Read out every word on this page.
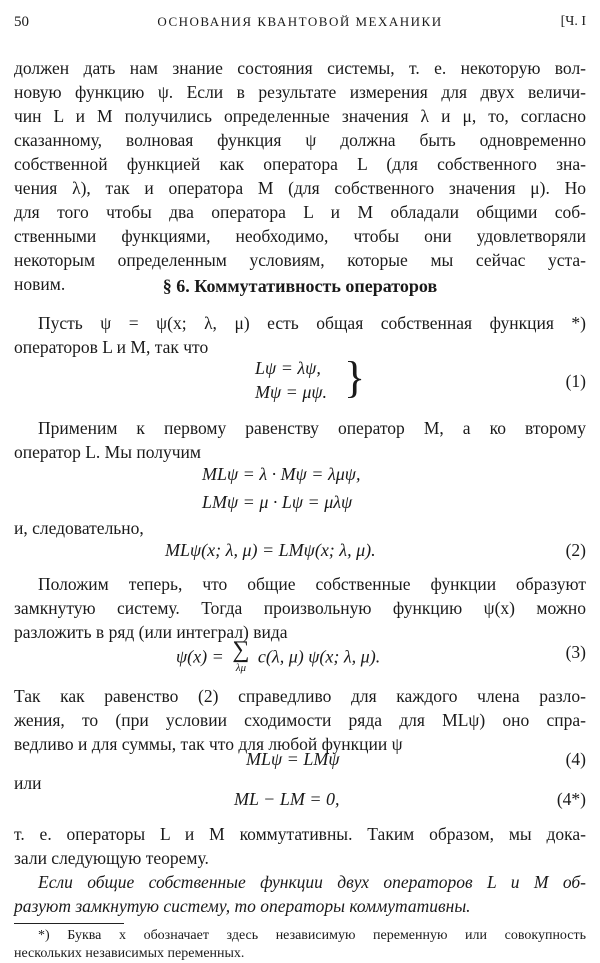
50	ОСНОВАНИЯ КВАНТОВОЙ МЕХАНИКИ	[Ч. I
должен дать нам знание состояния системы, т. е. некоторую вол-
новую функцию ψ. Если в результате измерения для двух величи-
чин L и M получились определенные значения λ и μ, то, согласно
сказанному, волновая функция ψ должна быть одновременно
собственной функцией как оператора L (для собственного зна-
чения λ), так и оператора M (для собственного значения μ). Но
для того чтобы два оператора L и M обладали общими соб-
ственными функциями, необходимо, чтобы они удовлетворяли
некоторым определенным условиям, которые мы сейчас уста-
новим.	§ 6. Коммутативность операторов
Пусть ψ = ψ(x; λ, μ) есть общая собственная функция *)
операторов L и M, так что
Lψ = λψ,
Mψ = μψ. }	(1)
Применим к первому равенству оператор M, а ко второму
оператор L. Мы получим
MLψ = λ · Mψ = λμψ,
LMψ = μ · Lψ = μλψ
и, следовательно,
MLψ(x; λ, μ) = LMψ(x; λ, μ).	(2)
Положим теперь, что общие собственные функции образуют
замкнутую систему. Тогда произвольную функцию ψ(x) можно
разложить в ряд (или интеграл) вида
ψ(x) = ∑
λμ
c(λ, μ) ψ(x; λ, μ).	(3)
Так как равенство (2) справедливо для каждого члена разло-
жения, то (при условии сходимости ряда для MLψ) оно спра-
ведливо и для суммы, так что для любой функции ψ
MLψ = LMψ	(4)
или
ML − LM = 0,	(4*)
т. е. операторы L и M коммутативны. Таким образом, мы дока-
зали следующую теорему.
Если общие собственные функции двух операторов L и M об-
разуют замкнутую систему, то операторы коммутативны.
*) Буква x обозначает здесь независимую переменную или совокупность
нескольких независимых переменных.
